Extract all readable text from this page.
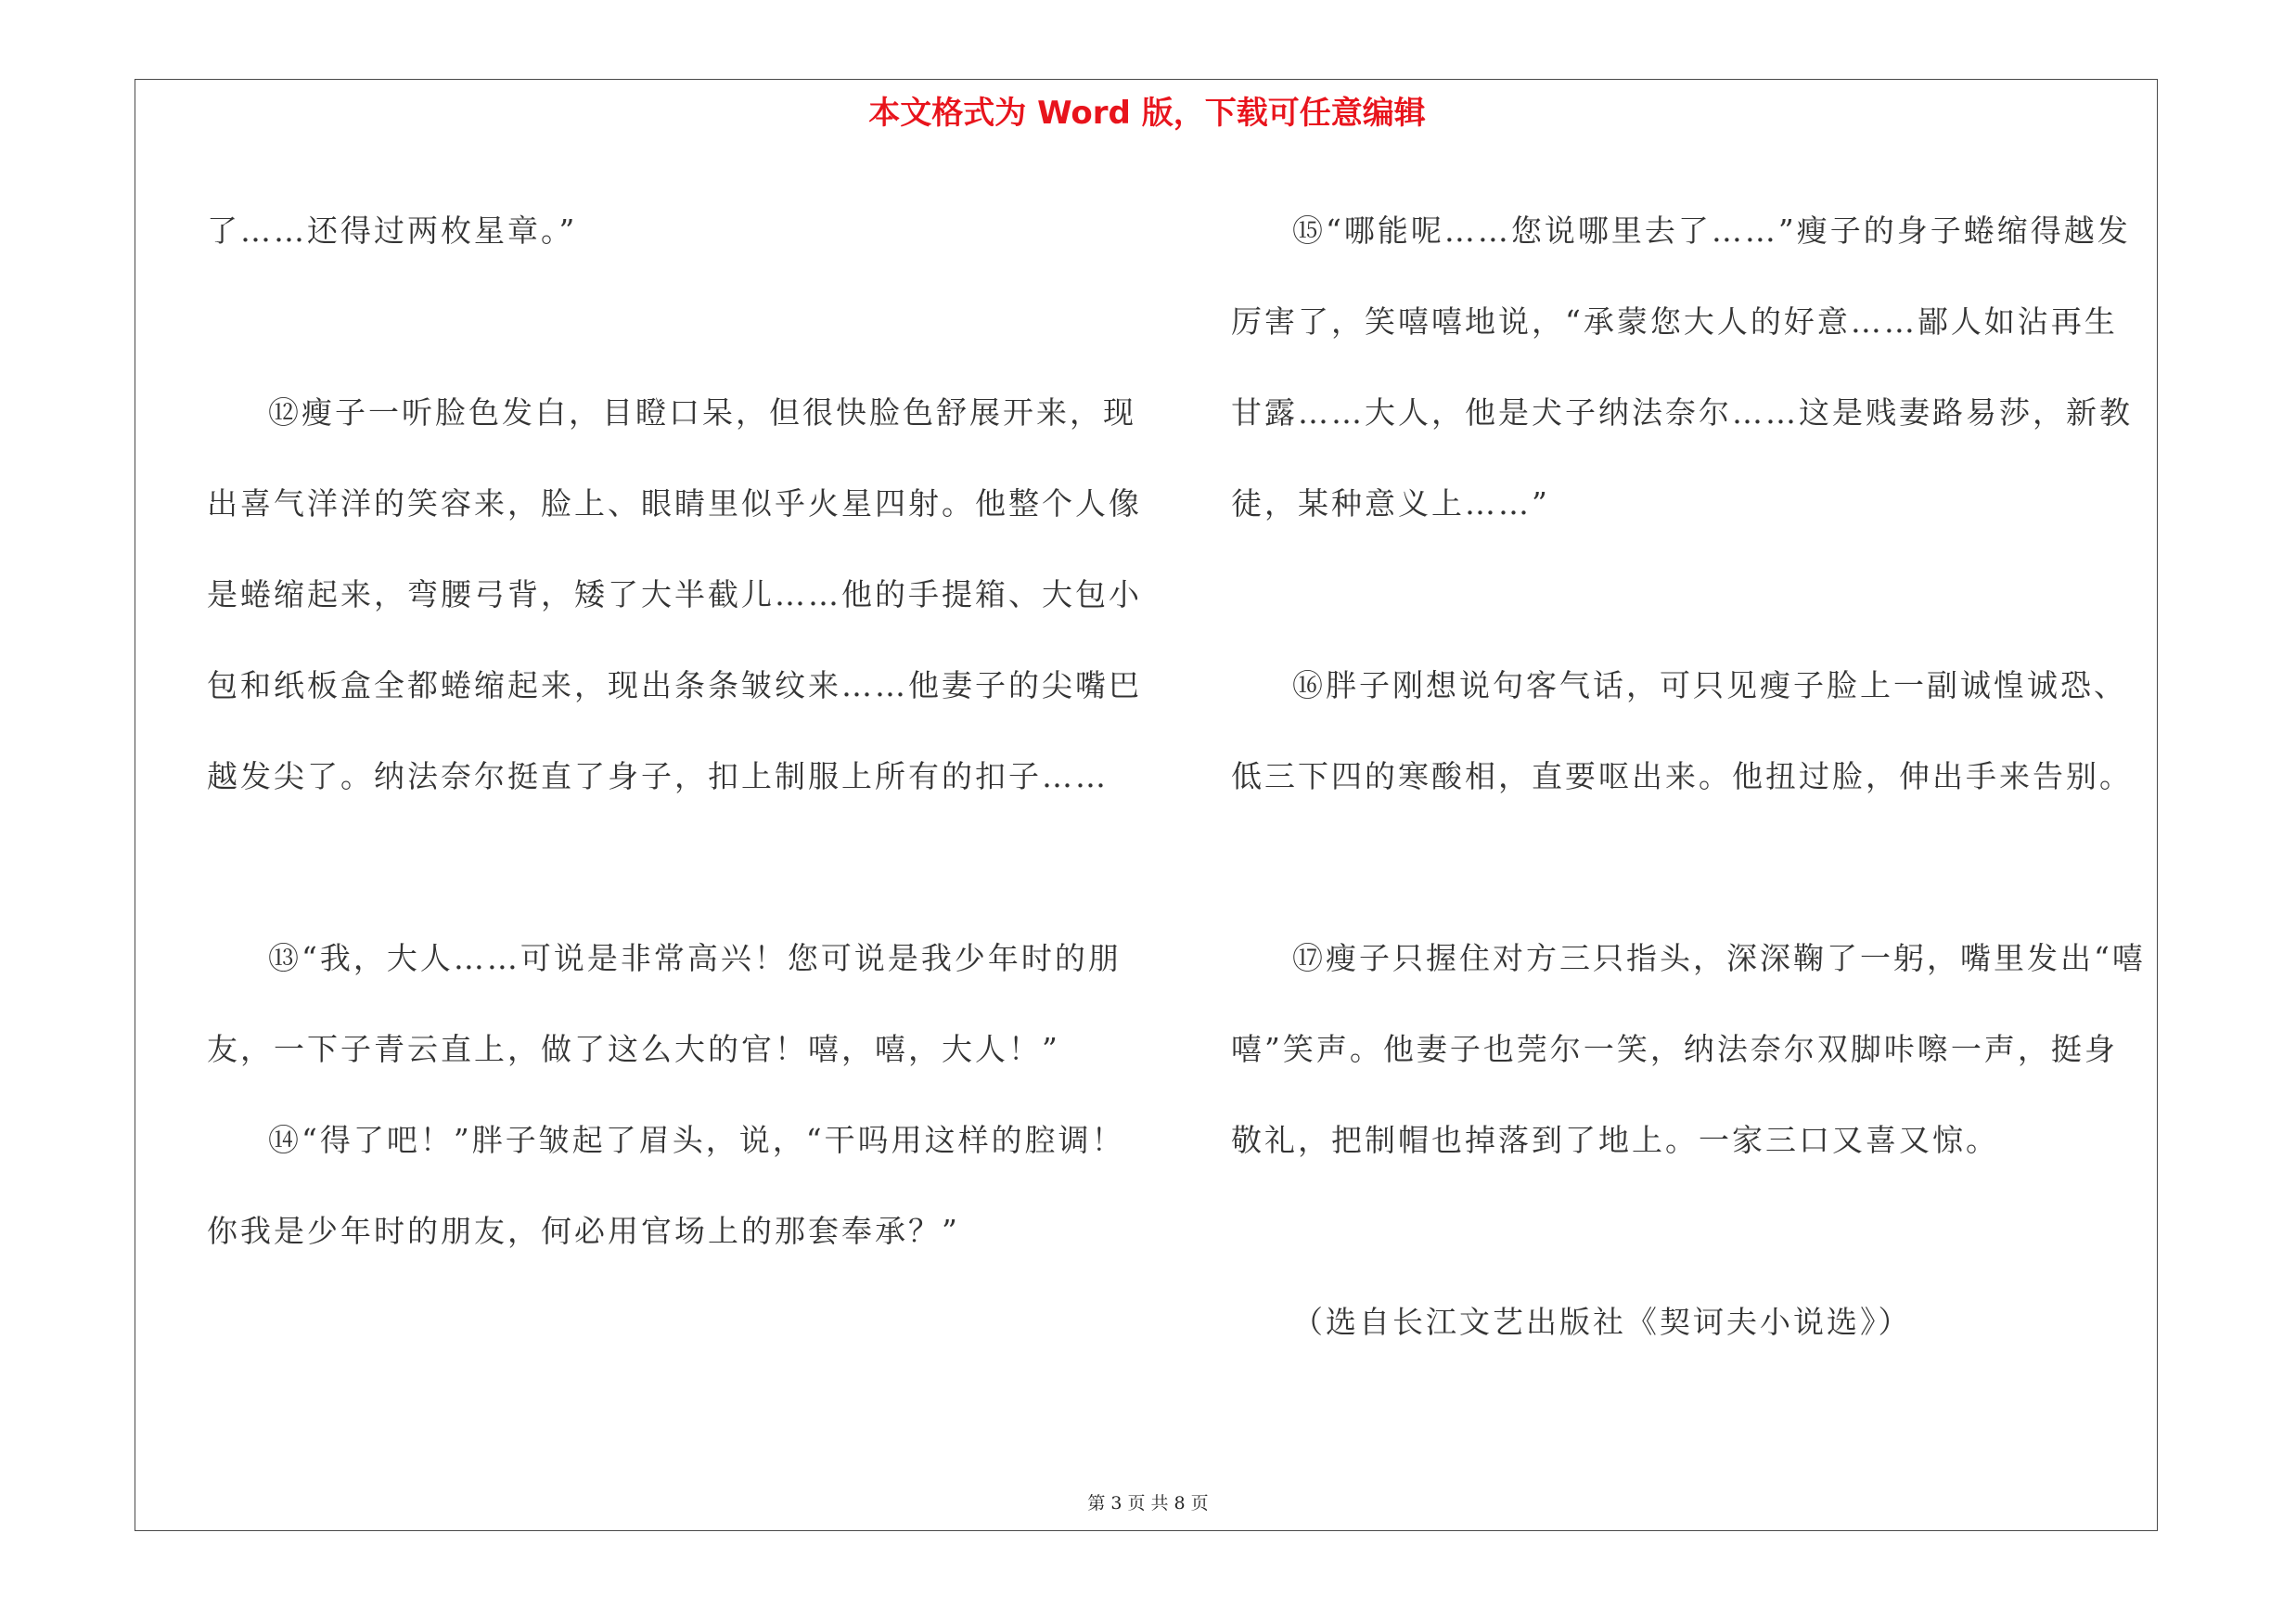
本文格式为 Word 版，下载可任意编辑

了……还得过两枚星章。”

⑫瘦子一听脸色发白，目瞪口呆，但很快脸色舒展开来，现出喜气洋洋的笑容来，脸上、眼睛里似乎火星四射。他整个人像是蜷缩起来，弯腰弓背，矮了大半截儿……他的手提箱、大包小包和纸板盒全都蜷缩起来，现出条条皱纹来……他妻子的尖嘴巴越发尖了。纳法奈尔挺直了身子，扣上制服上所有的扣子……

⑬“我，大人……可说是非常高兴！您可说是我少年时的朋友，一下子青云直上，做了这么大的官！嘻，嘻，大人！”

⑭“得了吧！”胖子皱起了眉头，说，“干吗用这样的腔调！你我是少年时的朋友，何必用官场上的那套奉承？”

⑮“哪能呢……您说哪里去了……”瘦子的身子蜷缩得越发厉害了，笑嘻嘻地说，“承蒙您大人的好意……鄙人如沾再生甘露……大人，他是犬子纳法奈尔……这是贱妻路易莎，新教徒，某种意义上……”

⑯胖子刚想说句客气话，可只见瘦子脸上一副诚惶诚恐、低三下四的寒酸相，直要呕出来。他扭过脸，伸出手来告别。

⑰瘦子只握住对方三只指头，深深鞠了一躬，嘴里发出“嘻嘻”笑声。他妻子也莞尔一笑，纳法奈尔双脚咔嚓一声，挺身敬礼，把制帽也掉落到了地上。一家三口又喜又惊。

（选自长江文艺出版社《契诃夫小说选》）

第 3 页 共 8 页
